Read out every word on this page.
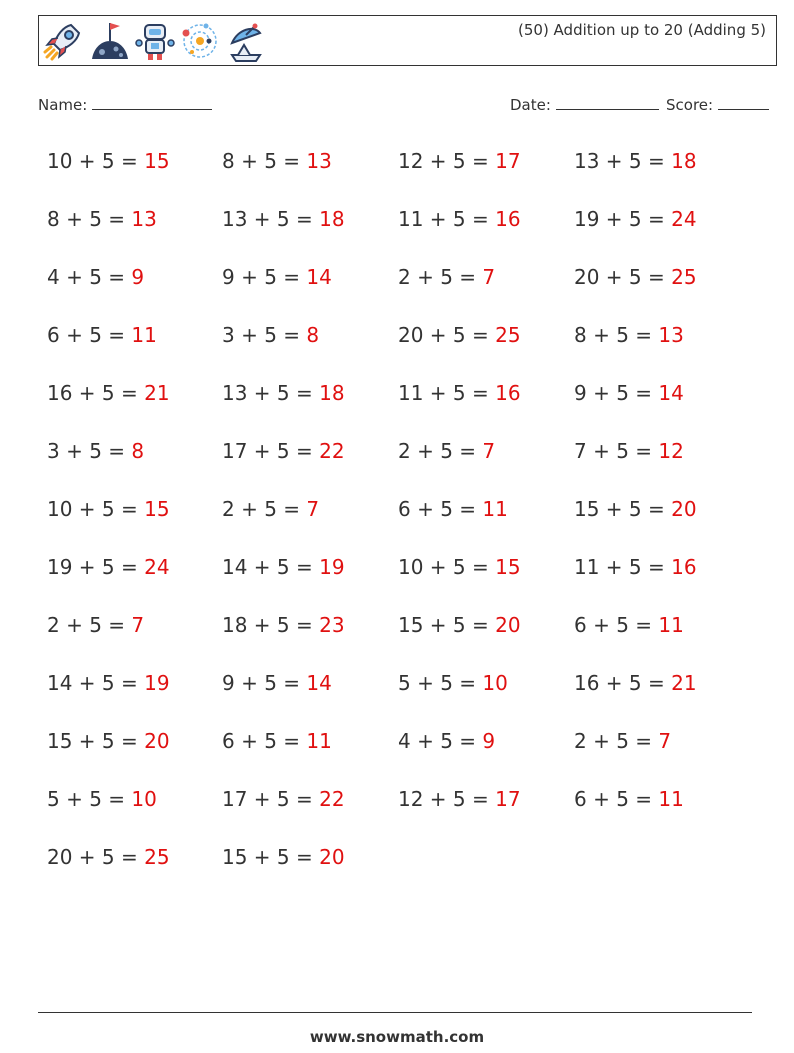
(50) Addition up to 20 (Adding 5)
Name:	Date:	Score:
10 + 5 = 15	8 + 5 = 13	12 + 5 = 17	13 + 5 = 18
8 + 5 = 13	13 + 5 = 18	11 + 5 = 16	19 + 5 = 24
4 + 5 = 9	9 + 5 = 14	2 + 5 = 7	20 + 5 = 25
6 + 5 = 11	3 + 5 = 8	20 + 5 = 25	8 + 5 = 13
16 + 5 = 21	13 + 5 = 18	11 + 5 = 16	9 + 5 = 14
3 + 5 = 8	17 + 5 = 22	2 + 5 = 7	7 + 5 = 12
10 + 5 = 15	2 + 5 = 7	6 + 5 = 11	15 + 5 = 20
19 + 5 = 24	14 + 5 = 19	10 + 5 = 15	11 + 5 = 16
2 + 5 = 7	18 + 5 = 23	15 + 5 = 20	6 + 5 = 11
14 + 5 = 19	9 + 5 = 14	5 + 5 = 10	16 + 5 = 21
15 + 5 = 20	6 + 5 = 11	4 + 5 = 9	2 + 5 = 7
5 + 5 = 10	17 + 5 = 22	12 + 5 = 17	6 + 5 = 11
20 + 5 = 25	15 + 5 = 20
www.snowmath.com
